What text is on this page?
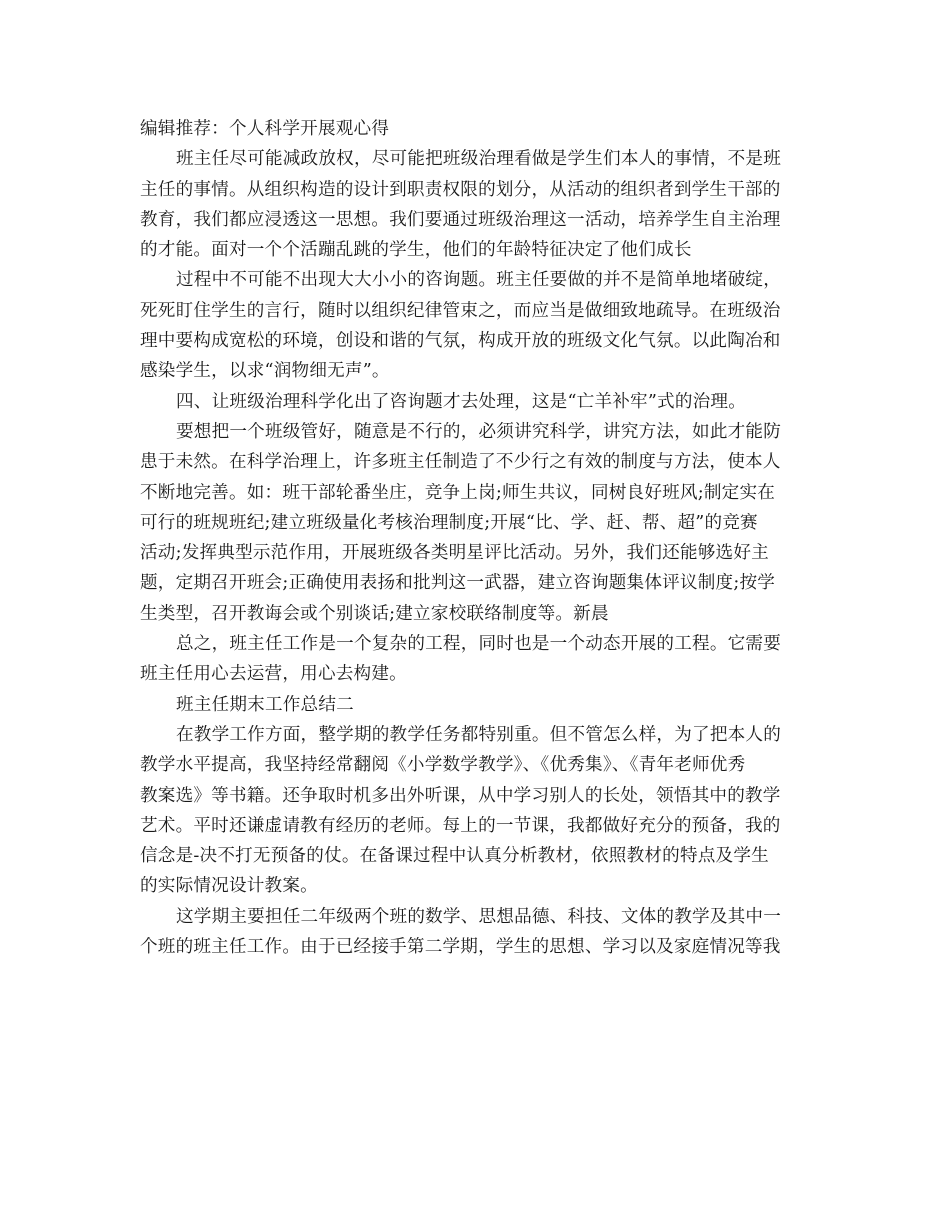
编辑推荐：个人科学开展观心得
班主任尽可能减政放权，尽可能把班级治理看做是学生们本人的事情，不是班
主任的事情。从组织构造的设计到职责权限的划分，从活动的组织者到学生干部的
教育，我们都应浸透这一思想。我们要通过班级治理这一活动，培养学生自主治理
的才能。面对一个个活蹦乱跳的学生，他们的年龄特征决定了他们成长
过程中不可能不出现大大小小的咨询题。班主任要做的并不是简单地堵破绽，
死死盯住学生的言行，随时以组织纪律管束之，而应当是做细致地疏导。在班级治
理中要构成宽松的环境，创设和谐的气氛，构成开放的班级文化气氛。以此陶冶和
感染学生，以求“润物细无声”。
四、让班级治理科学化出了咨询题才去处理，这是“亡羊补牢”式的治理。
要想把一个班级管好，随意是不行的，必须讲究科学，讲究方法，如此才能防
患于未然。在科学治理上，许多班主任制造了不少行之有效的制度与方法，使本人
不断地完善。如：班干部轮番坐庄，竞争上岗;师生共议，同树良好班风;制定实在
可行的班规班纪;建立班级量化考核治理制度;开展“比、学、赶、帮、超”的竞赛
活动;发挥典型示范作用，开展班级各类明星评比活动。另外，我们还能够选好主
题，定期召开班会;正确使用表扬和批判这一武器，建立咨询题集体评议制度;按学
生类型，召开教诲会或个别谈话;建立家校联络制度等。新晨
总之，班主任工作是一个复杂的工程，同时也是一个动态开展的工程。它需要
班主任用心去运营，用心去构建。
班主任期末工作总结二
在教学工作方面，整学期的教学任务都特别重。但不管怎么样，为了把本人的
教学水平提高，我坚持经常翻阅《小学数学教学》、《优秀集》、《青年老师优秀
教案选》等书籍。还争取时机多出外听课，从中学习别人的长处，领悟其中的教学
艺术。平时还谦虚请教有经历的老师。每上的一节课，我都做好充分的预备，我的
信念是-决不打无预备的仗。在备课过程中认真分析教材，依照教材的特点及学生
的实际情况设计教案。
这学期主要担任二年级两个班的数学、思想品德、科技、文体的教学及其中一
个班的班主任工作。由于已经接手第二学期，学生的思想、学习以及家庭情况等我
